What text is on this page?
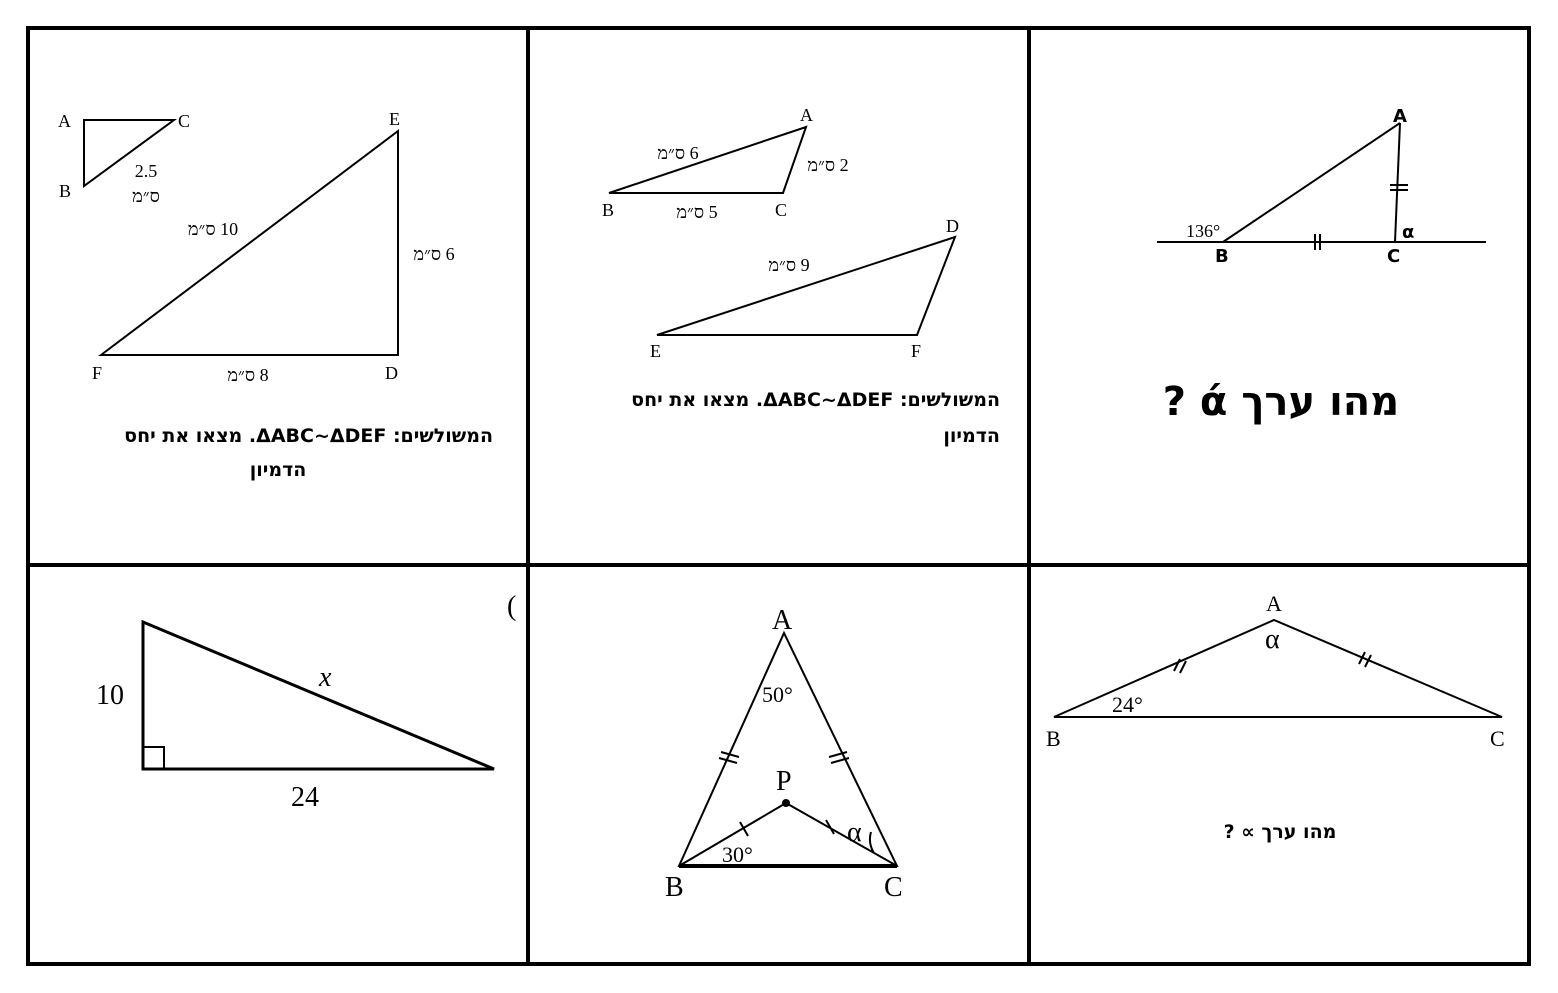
A
B	C
136°	α
מהו ערך ά ?
A
B	C
D
E	F
6 ס״מ
2 ס״מ
5 ס״מ
9 ס״מ
המשולשים: ΔABC~ΔDEF. מצאו את יחס
הדמיון
A
B
C
D
E
F
2.5
ס״מ
10 ס״מ
6 ס״מ
8 ס״מ
המשולשים: ΔABC~ΔDEF. מצאו את יחס
הדמיון
A
B	C
α
24°
מהו ערך ∝ ?
A
B	C
P
50°
30°
α
10
24
x
(
